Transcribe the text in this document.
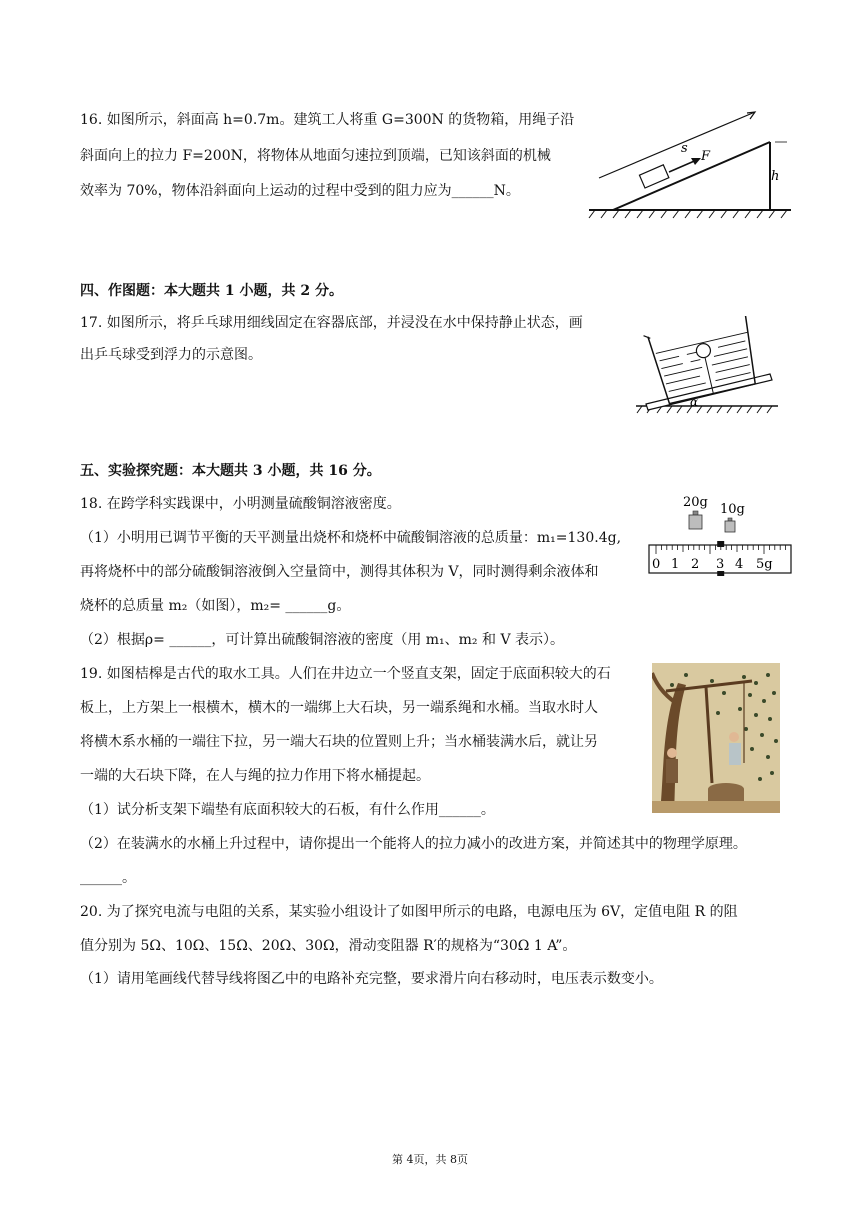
16. 如图所示，斜面高 h=0.7m。建筑工人将重 G=300N 的货物箱，用绳子沿
斜面向上的拉力 F=200N，将物体从地面匀速拉到顶端，已知该斜面的机械
效率为 70%，物体沿斜面向上运动的过程中受到的阻力应为______N。
s
F
h
四、作图题：本大题共 1 小题，共 2 分。
17. 如图所示，将乒乓球用细线固定在容器底部，并浸没在水中保持静止状态，画
出乒乓球受到浮力的示意图。
α
五、实验探究题：本大题共 3 小题，共 16 分。
18. 在跨学科实践课中，小明测量硫酸铜溶液密度。
（1）小明用已调节平衡的天平测量出烧杯和烧杯中硫酸铜溶液的总质量：m₁=130.4g,
再将烧杯中的部分硫酸铜溶液倒入空量筒中，测得其体积为 V，同时测得剩余液体和
烧杯的总质量 m₂（如图），m₂= ______g。
（2）根据ρ= ______，可计算出硫酸铜溶液的密度（用 m₁、m₂ 和 V 表示）。
20g 10g
0 1 2 3 4 5g
19. 如图桔槔是古代的取水工具。人们在井边立一个竖直支架，固定于底面积较大的石
板上，上方架上一根横木，横木的一端绑上大石块，另一端系绳和水桶。当取水时人
将横木系水桶的一端往下拉，另一端大石块的位置则上升；当水桶装满水后，就让另
一端的大石块下降，在人与绳的拉力作用下将水桶提起。
（1）试分析支架下端垫有底面积较大的石板，有什么作用______。
（2）在装满水的水桶上升过程中，请你提出一个能将人的拉力减小的改进方案，并简述其中的物理学原理。
______。
20. 为了探究电流与电阻的关系，某实验小组设计了如图甲所示的电路，电源电压为 6V，定值电阻 R 的阻
值分别为 5Ω、10Ω、15Ω、20Ω、30Ω，滑动变阻器 R′的规格为“30Ω 1 A”。
（1）请用笔画线代替导线将图乙中的电路补充完整，要求滑片向右移动时，电压表示数变小。
第 4页，共 8页
